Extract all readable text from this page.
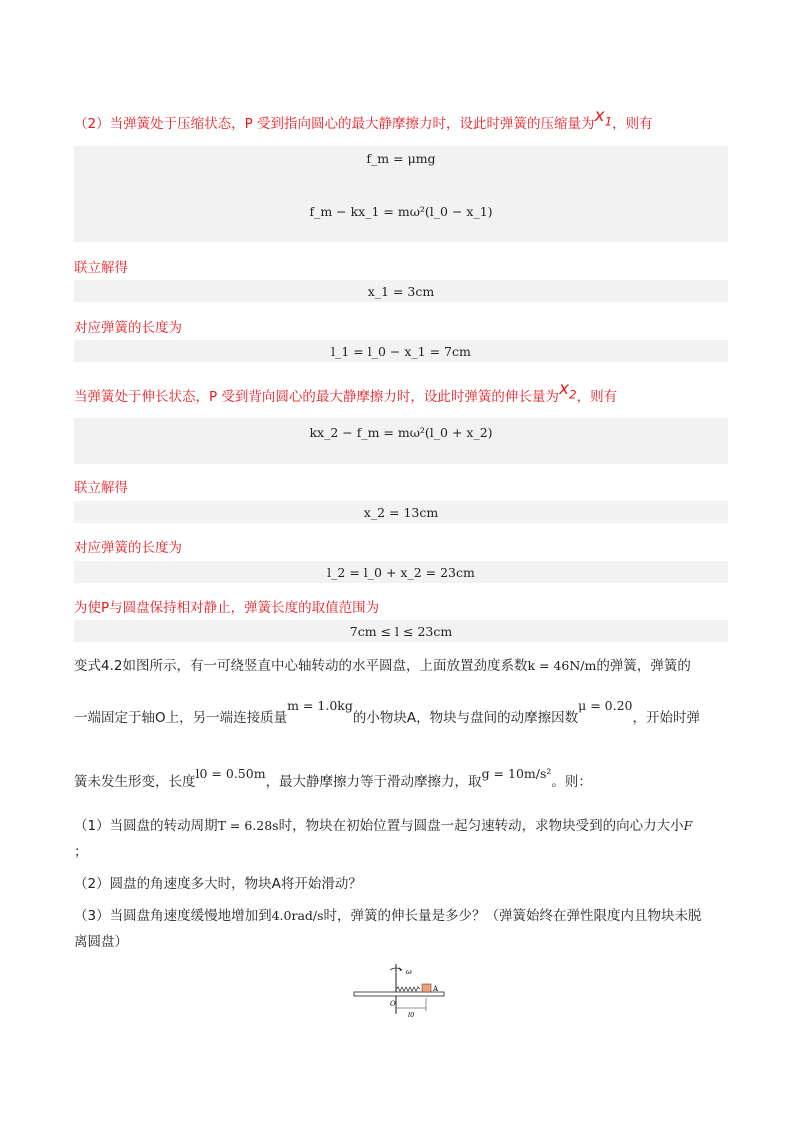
（2）当弹簧处于压缩状态，P 受到指向圆心的最大静摩擦力时，设此时弹簧的压缩量为$x_1$，则有
f_m = μmg
f_m − kx_1 = mω²(l_0 − x_1)
联立解得
x_1 = 3cm
对应弹簧的长度为
l_1 = l_0 − x_1 = 7cm
当弹簧处于伸长状态，P 受到背向圆心的最大静摩擦力时，设此时弹簧的伸长量为$x_2$，则有
kx_2 − f_m = mω²(l_0 + x_2)
联立解得
x_2 = 13cm
对应弹簧的长度为
l_2 = l_0 + x_2 = 23cm
为使P与圆盘保持相对静止，弹簧长度的取值范围为
7cm ≤ l ≤ 23cm
变式4.2如图所示，有一可绕竖直中心轴转动的水平圆盘，上面放置劲度系数k = 46N/m的弹簧，弹簧的
一端固定于轴O上，另一端连接质量m = 1.0kg的小物块A，物块与盘间的动摩擦因数μ = 0.20，开始时弹
簧未发生形变，长度l0 = 0.50m，最大静摩擦力等于滑动摩擦力，取g = 10m/s²。则：
（1）当圆盘的转动周期T = 6.28s时，物块在初始位置与圆盘一起匀速转动，求物块受到的向心力大小F
；
（2）圆盘的角速度多大时，物块A将开始滑动？
（3）当圆盘角速度缓慢地增加到4.0rad/s时，弹簧的伸长量是多少？（弹簧始终在弹性限度内且物块未脱
离圆盘）
ω
A
O
l0
